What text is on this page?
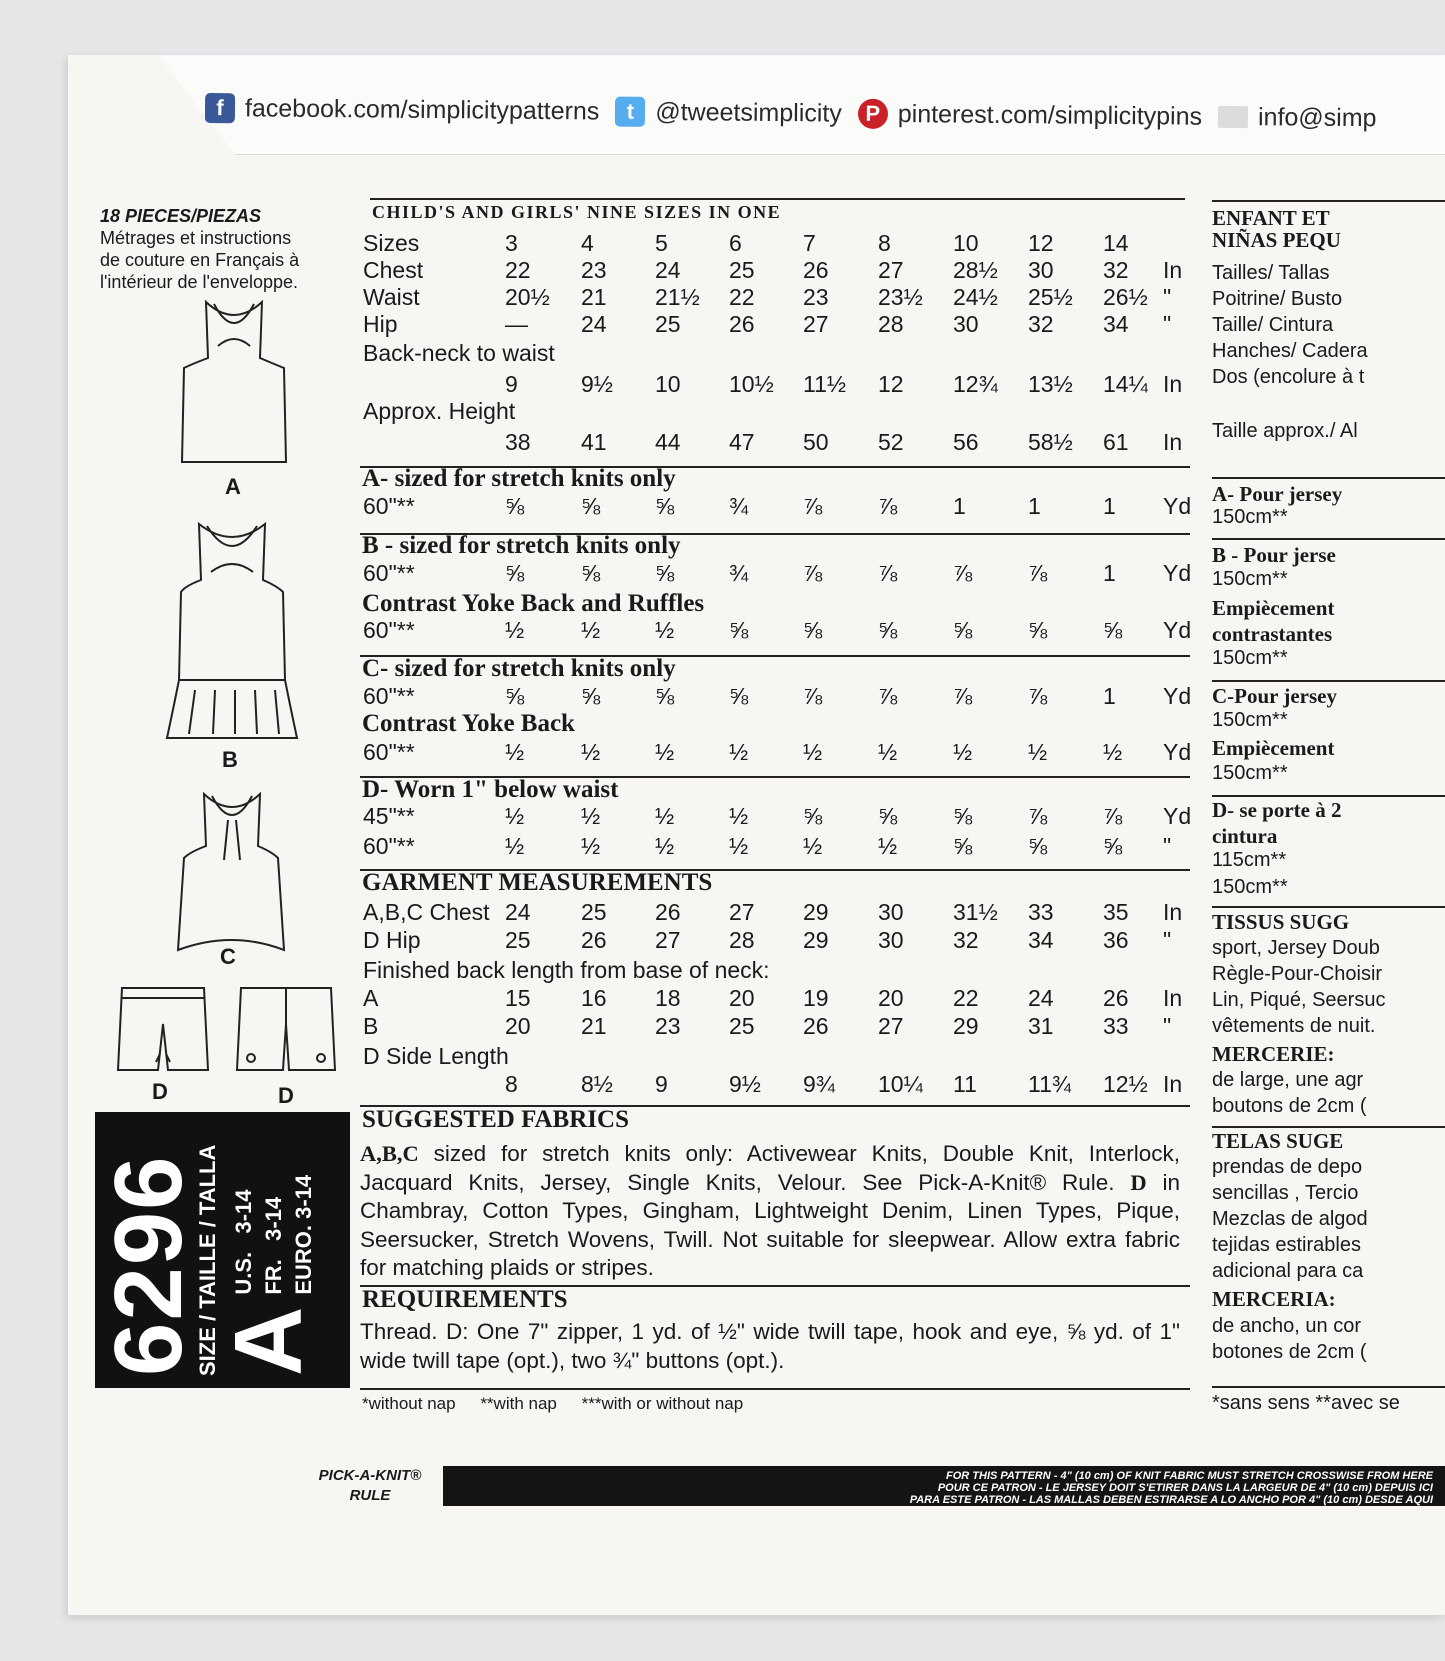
f facebook.com/simplicitypatterns	t @tweetsimplicity	P pinterest.com/simplicitypins info@simp
18 PIECES/PIEZAS
Métrages et instructions
de couture en Français à
l'intérieur de l'enveloppe.
A
B
C
D	D
6296
SIZE / TAILLE / TALLA
A
U.S.   3-14
FR.   3-14
EURO. 3-14
CHILD'S AND GIRLS' NINE SIZES IN ONE
Sizes	3	4	5	6	7	8	10 12 14
Chest	22 23 24 25 26 27 28½ 30 32 In
Waist	20½ 21 21½ 22 23 23½ 24½ 25½ 26½ "
Hip	— 24 25 26 27 28 30 32 34 "
Back-neck to waist
9	9½ 10 10½ 11½ 12 12¾ 13½ 14¼ In
Approx. Height
38 41 44 47 50 52 56 58½ 61 In
A- sized for stretch knits only
60"**	⅝ ⅝ ⅝ ¾ ⅞ ⅞ 1	1	1 Yd
B - sized for stretch knits only
60"**	⅝ ⅝ ⅝ ¾ ⅞ ⅞ ⅞ ⅞ 1 Yd
Contrast Yoke Back and Ruffles
60"**	½ ½ ½ ⅝ ⅝ ⅝ ⅝ ⅝ ⅝ Yd
C- sized for stretch knits only
60"**	⅝ ⅝ ⅝ ⅝ ⅞ ⅞ ⅞ ⅞ 1 Yd
Contrast Yoke Back
60"**	½ ½ ½ ½ ½ ½ ½ ½ ½ Yd
D- Worn 1" below waist
45"**	½ ½ ½ ½ ⅝ ⅝ ⅝ ⅞ ⅞ Yd
60"**	½ ½ ½ ½ ½ ½ ⅝ ⅝ ⅝ "
GARMENT MEASUREMENTS
A,B,C Chest 24 25 26 27 29 30 31½ 33 35 In
D Hip	25 26 27 28 29 30 32 34 36 "
Finished back length from base of neck:
A	15 16 18 20 19 20 22 24 26 In
B	20 21 23 25 26 27 29 31 33 "
D Side Length
8	8½ 9	9½ 9¾ 10¼ 11 11¾ 12½ In
SUGGESTED FABRICS
REQUIREMENTS
A,B,C sized for stretch knits only: Activewear Knits, Double Knit, Interlock, Jacquard Knits, Jersey, Single Knits, Velour. See Pick-A-Knit® Rule. D in Chambray, Cotton Types, Gingham, Lightweight Denim, Linen Types, Pique, Seersucker, Stretch Wovens, Twill. Not suitable for sleepwear. Allow extra fabric for matching plaids or stripes.
Thread. D: One 7" zipper, 1 yd. of ½" wide twill tape, hook and eye, ⅝ yd. of 1" wide twill tape (opt.), two ¾" buttons (opt.).
*without nap **with nap ***with or without nap
ENFANT ET
NIÑAS PEQU
Tailles/ Tallas
Poitrine/ Busto
Taille/ Cintura
Hanches/ Cadera
Dos (encolure à t
Taille approx./ Al
A- Pour jersey
150cm**
B - Pour jerse
150cm**
Empiècement
contrastantes
150cm**
C-Pour jersey
150cm**
Empiècement
150cm**
D- se porte à 2
cintura
115cm**
150cm**
TISSUS SUGG
sport, Jersey Doub
Règle-Pour-Choisir
Lin, Piqué, Seersuc
vêtements de nuit.
MERCERIE:
de large, une agr
boutons de 2cm (
TELAS SUGE
prendas de depo
sencillas , Tercio
Mezclas de algod
tejidas estirables
adicional para ca
MERCERIA:
de ancho, un cor
botones de 2cm (
*sans sens **avec se
PICK-A-KNIT®
RULE
FOR THIS PATTERN - 4" (10 cm) OF KNIT FABRIC MUST STRETCH CROSSWISE FROM HERE
POUR CE PATRON - LE JERSEY DOIT S'ETIRER DANS LA LARGEUR DE 4" (10 cm) DEPUIS ICI
PARA ESTE PATRON - LAS MALLAS DEBEN ESTIRARSE A LO ANCHO POR 4" (10 cm) DESDE AQUI
